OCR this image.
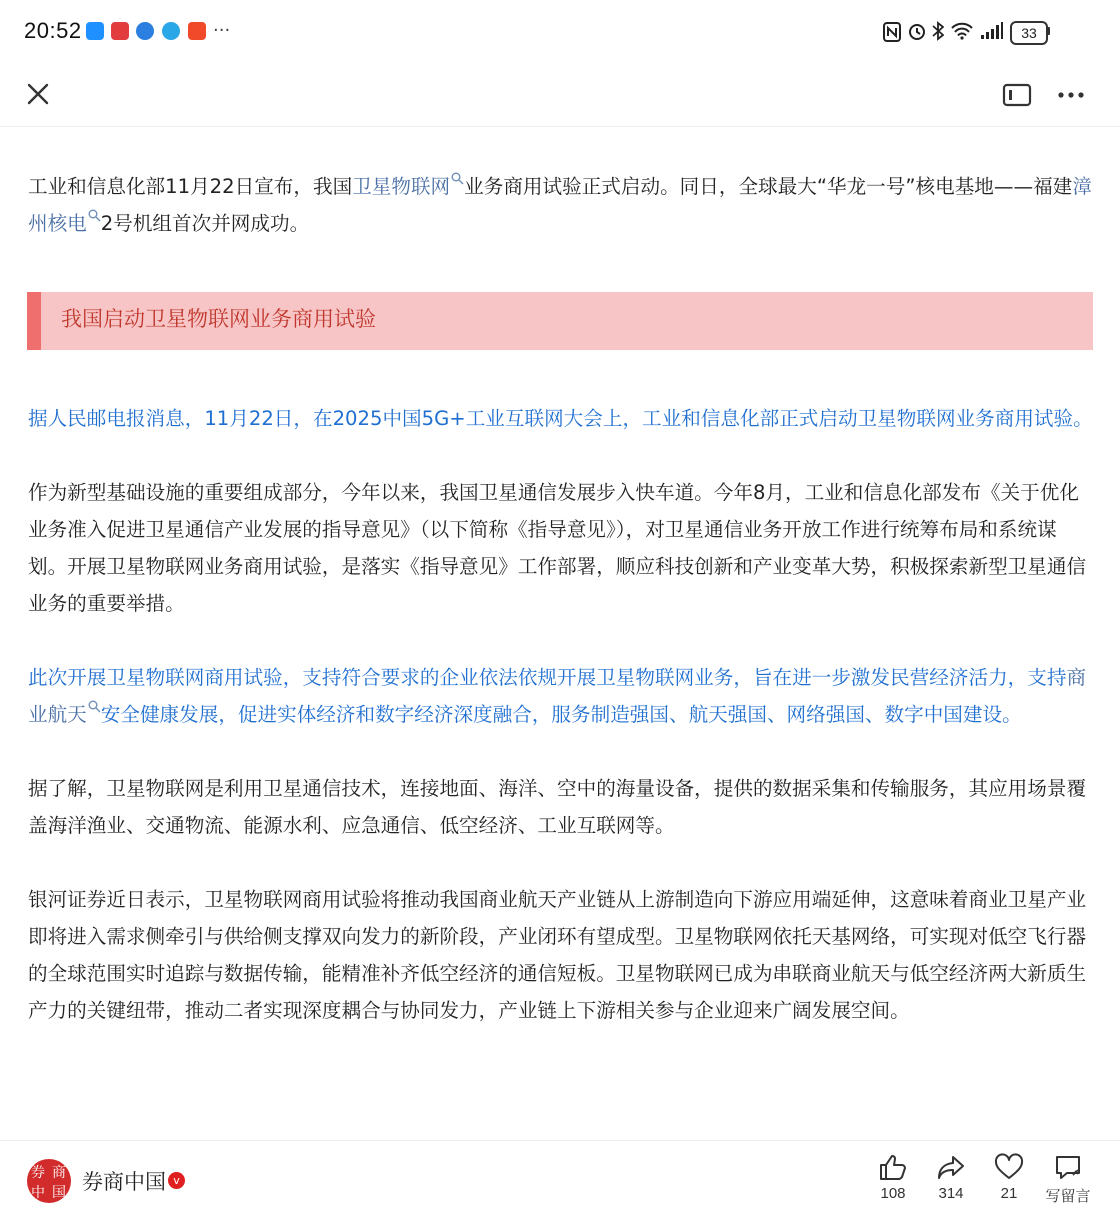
20:52	···	33

工业和信息化部11月22日宣布，我国卫星物联网 业务商用试验正式启动。同日，全球最大“华龙一号”核电基地——福建漳州核电 2号机组首次并网成功。

我国启动卫星物联网业务商用试验

据人民邮电报消息，11月22日，在2025中国5G+工业互联网大会上，工业和信息化部正式启动卫星物联网业务商用试验。

作为新型基础设施的重要组成部分，今年以来，我国卫星通信发展步入快车道。今年8月，工业和信息化部发布《关于优化业务准入促进卫星通信产业发展的指导意见》（以下简称《指导意见》），对卫星通信业务开放工作进行统筹布局和系统谋划。开展卫星物联网业务商用试验，是落实《指导意见》工作部署，顺应科技创新和产业变革大势，积极探索新型卫星通信业务的重要举措。

此次开展卫星物联网商用试验，支持符合要求的企业依法依规开展卫星物联网业务，旨在进一步激发民营经济活力，支持商业航天 安全健康发展，促进实体经济和数字经济深度融合，服务制造强国、航天强国、网络强国、数字中国建设。

据了解，卫星物联网是利用卫星通信技术，连接地面、海洋、空中的海量设备，提供的数据采集和传输服务，其应用场景覆盖海洋渔业、交通物流、能源水利、应急通信、低空经济、工业互联网等。

银河证券近日表示，卫星物联网商用试验将推动我国商业航天产业链从上游制造向下游应用端延伸，这意味着商业卫星产业即将进入需求侧牵引与供给侧支撑双向发力的新阶段，产业闭环有望成型。卫星物联网依托天基网络，可实现对低空飞行器的全球范围实时追踪与数据传输，能精准补齐低空经济的通信短板。卫星物联网已成为串联商业航天与低空经济两大新质生产力的关键纽带，推动二者实现深度耦合与协同发力，产业链上下游相关参与企业迎来广阔发展空间。

券 商
中 国 券商中国 v
108	314	21	写留言
